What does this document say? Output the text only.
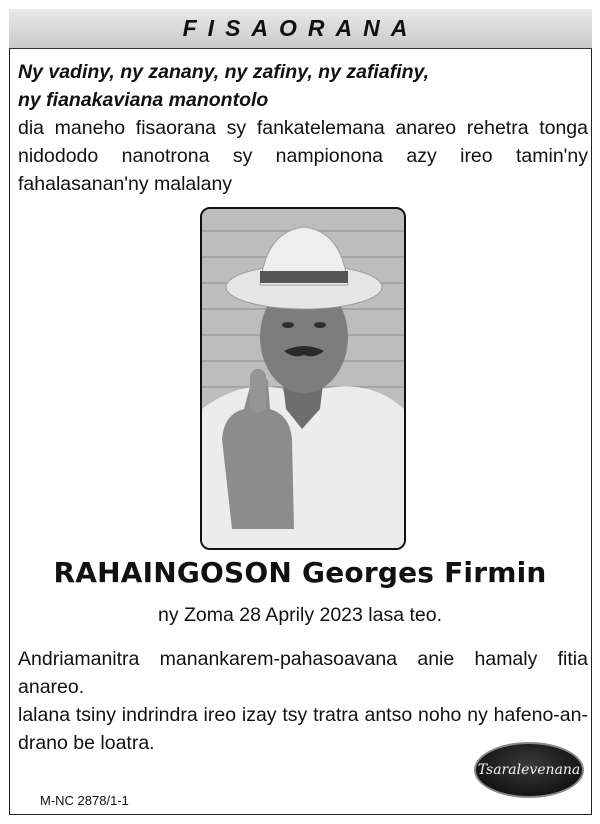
FISAORANA
Ny vadiny, ny zanany, ny zafiny, ny zafiafiny,
ny fianakaviana manontolo
dia maneho fisaorana sy fankatelemana anareo rehetra tonga nidododo nanotrona sy nampionona azy ireo tamin'ny fahalasanan'ny malalany
RAHAINGOSON Georges Firmin
ny Zoma 28 Aprily 2023 lasa teo.

Andriamanitra manankarem-pahasoavana anie hamaly fitia anareo.

lalana tsiny indrindra ireo izay tsy tratra antso noho ny hafeno-an-drano be loatra.

Tsaralevenana
M-NC 2878/1-1
